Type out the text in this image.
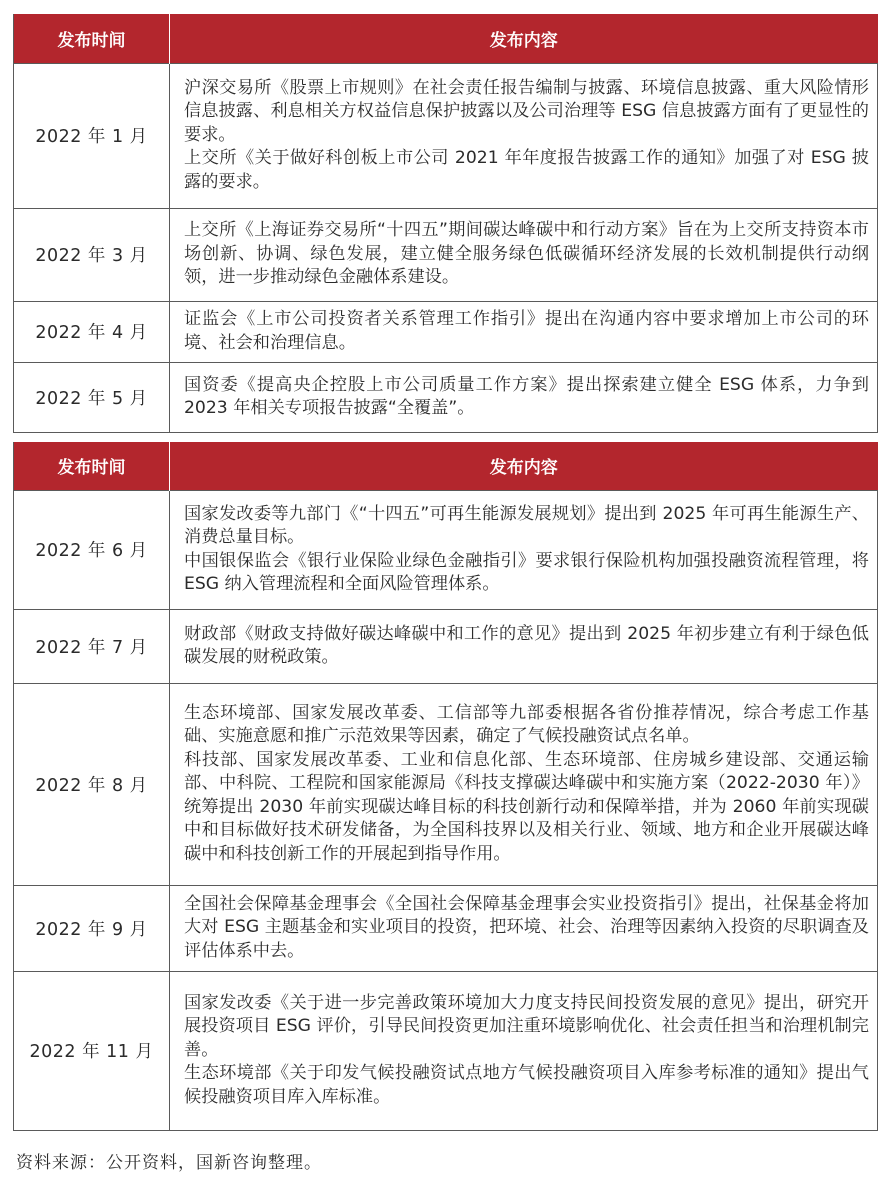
发布时间	发布内容
2022 年 1 月	沪深交易所《股票上市规则》在社会责任报告编制与披露、环境信息披露、重大风险情形信息披露、利息相关方权益信息保护披露以及公司治理等 ESG 信息披露方面有了更显性的要求。

上交所《关于做好科创板上市公司 2021 年年度报告披露工作的通知》加强了对 ESG 披露的要求。

2022 年 3 月	上交所《上海证券交易所“十四五”期间碳达峰碳中和行动方案》旨在为上交所支持资本市场创新、协调、绿色发展，建立健全服务绿色低碳循环经济发展的长效机制提供行动纲领，进一步推动绿色金融体系建设。

2022 年 4 月	证监会《上市公司投资者关系管理工作指引》提出在沟通内容中要求增加上市公司的环境、社会和治理信息。

2022 年 5 月	国资委《提高央企控股上市公司质量工作方案》提出探索建立健全 ESG 体系，力争到 2023 年相关专项报告披露“全覆盖”。

发布时间	发布内容
2022 年 6 月	国家发改委等九部门《“十四五”可再生能源发展规划》提出到 2025 年可再生能源生产、消费总量目标。

中国银保监会《银行业保险业绿色金融指引》要求银行保险机构加强投融资流程管理，将 ESG 纳入管理流程和全面风险管理体系。

2022 年 7 月	财政部《财政支持做好碳达峰碳中和工作的意见》提出到 2025 年初步建立有利于绿色低碳发展的财税政策。

2022 年 8 月	生态环境部、国家发展改革委、工信部等九部委根据各省份推荐情况，综合考虑工作基础、实施意愿和推广示范效果等因素，确定了气候投融资试点名单。

科技部、国家发展改革委、工业和信息化部、生态环境部、住房城乡建设部、交通运输部、中科院、工程院和国家能源局《科技支撑碳达峰碳中和实施方案（2022-2030 年）》统筹提出 2030 年前实现碳达峰目标的科技创新行动和保障举措，并为 2060 年前实现碳中和目标做好技术研发储备，为全国科技界以及相关行业、领域、地方和企业开展碳达峰碳中和科技创新工作的开展起到指导作用。

2022 年 9 月	全国社会保障基金理事会《全国社会保障基金理事会实业投资指引》提出，社保基金将加大对 ESG 主题基金和实业项目的投资，把环境、社会、治理等因素纳入投资的尽职调查及评估体系中去。

2022 年 11 月	国家发改委《关于进一步完善政策环境加大力度支持民间投资发展的意见》提出，研究开展投资项目 ESG 评价，引导民间投资更加注重环境影响优化、社会责任担当和治理机制完善。

生态环境部《关于印发气候投融资试点地方气候投融资项目入库参考标准的通知》提出气候投融资项目库入库标准。

资料来源：公开资料，国新咨询整理。
